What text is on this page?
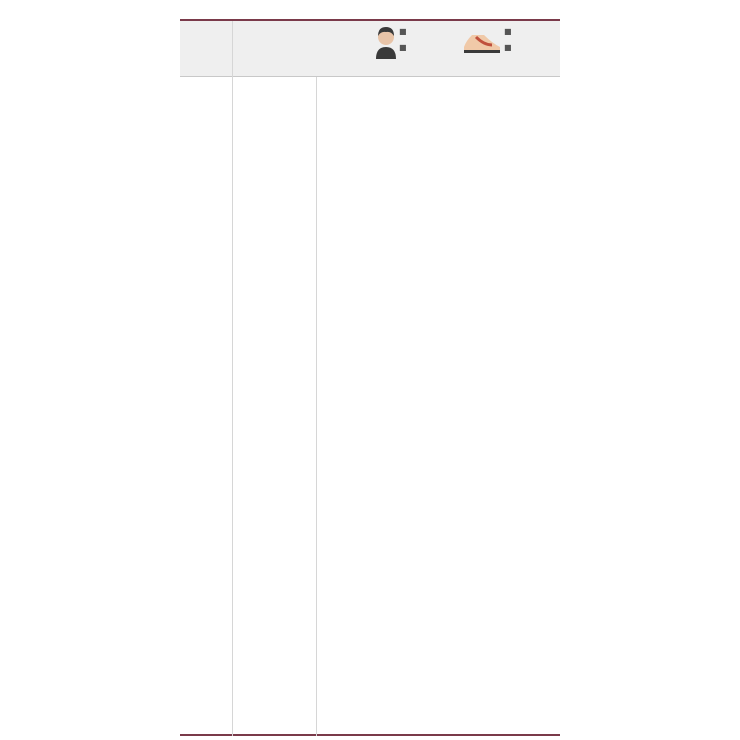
■
■
■
■
